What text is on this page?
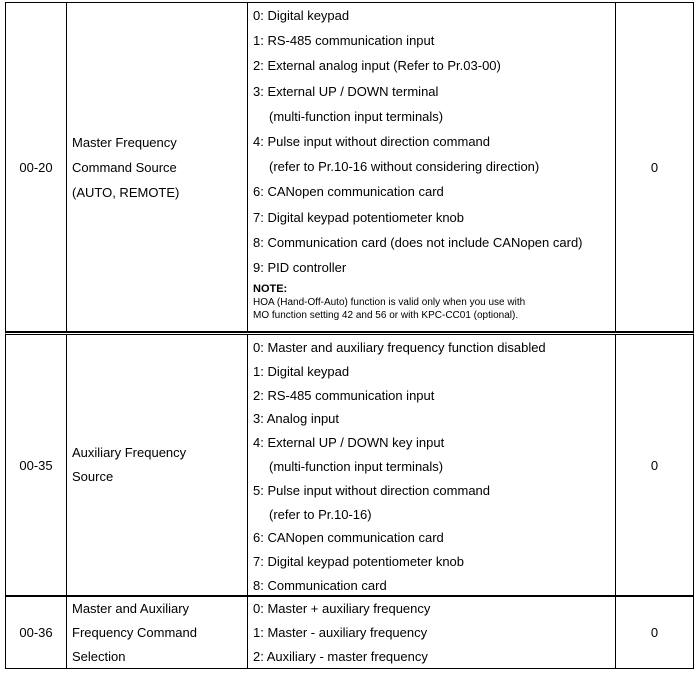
00-20
Master Frequency
Command Source
(AUTO, REMOTE)
0: Digital keypad
1: RS-485 communication input
2: External analog input (Refer to Pr.03-00)
3: External UP / DOWN terminal
(multi-function input terminals)
4: Pulse input without direction command
(refer to Pr.10-16 without considering direction)
6: CANopen communication card
7: Digital keypad potentiometer knob
8: Communication card (does not include CANopen card)
9: PID controller
NOTE:
HOA (Hand-Off-Auto) function is valid only when you use with
MO function setting 42 and 56 or with KPC-CC01 (optional).
0
00-35
Auxiliary Frequency
Source
0: Master and auxiliary frequency function disabled
1: Digital keypad
2: RS-485 communication input
3: Analog input
4: External UP / DOWN key input
(multi-function input terminals)
5: Pulse input without direction command
(refer to Pr.10-16)
6: CANopen communication card
7: Digital keypad potentiometer knob
8: Communication card
0
00-36
Master and Auxiliary
Frequency Command
Selection
0: Master + auxiliary frequency
1: Master - auxiliary frequency
2: Auxiliary - master frequency
0
